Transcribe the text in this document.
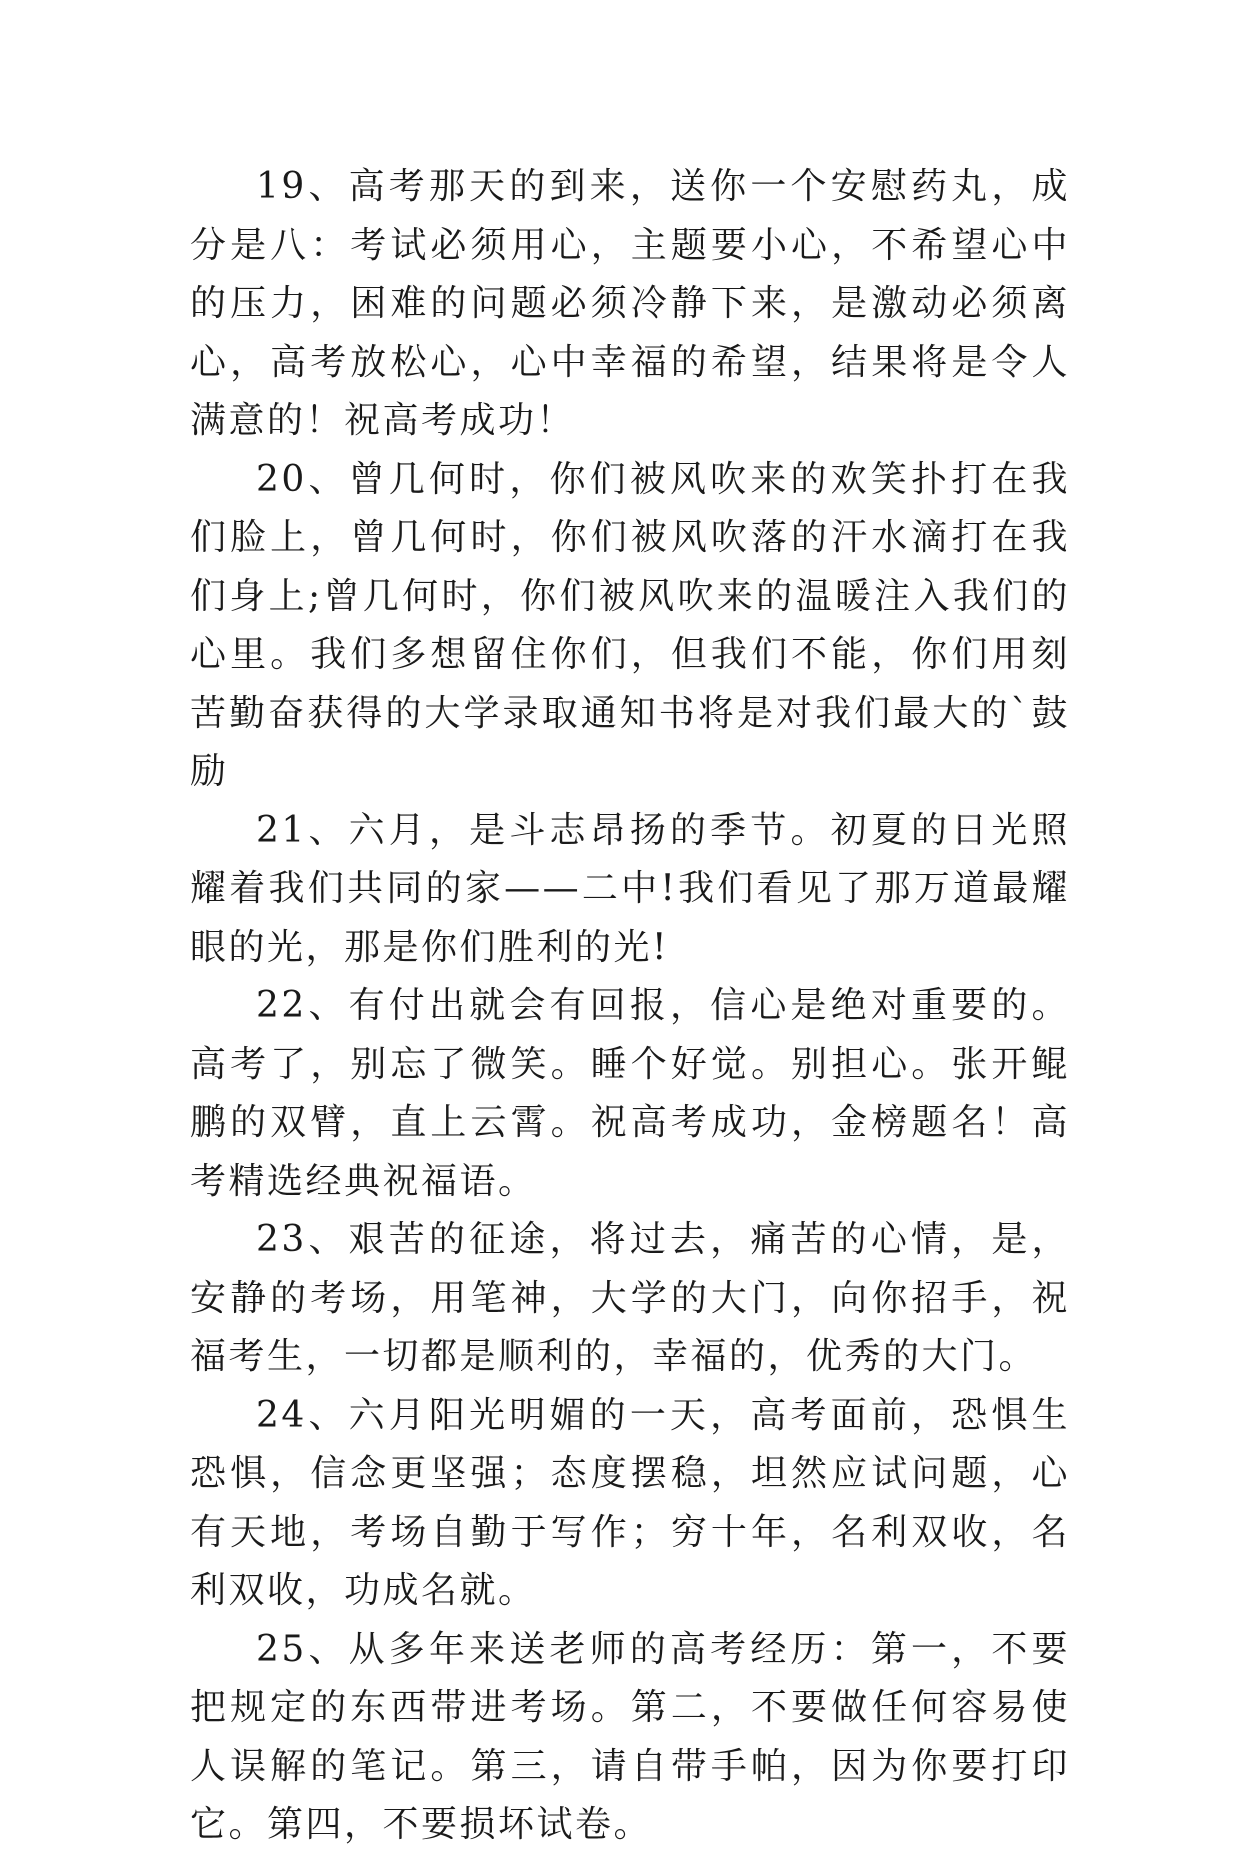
19、高考那天的到来，送你一个安慰药丸，成分是八：考试必须用心，主题要小心，不希望心中的压力，困难的问题必须冷静下来，是激动必须离心，高考放松心，心中幸福的希望，结果将是令人满意的！祝高考成功！

20、曾几何时，你们被风吹来的欢笑扑打在我们脸上，曾几何时，你们被风吹落的汗水滴打在我们身上;曾几何时，你们被风吹来的温暖注入我们的心里。我们多想留住你们，但我们不能，你们用刻苦勤奋获得的大学录取通知书将是对我们最大的`鼓励

21、六月，是斗志昂扬的季节。初夏的日光照耀着我们共同的家——二中!我们看见了那万道最耀眼的光，那是你们胜利的光!

22、有付出就会有回报，信心是绝对重要的。高考了，别忘了微笑。睡个好觉。别担心。张开鲲鹏的双臂，直上云霄。祝高考成功，金榜题名！高考精选经典祝福语。

23、艰苦的征途，将过去，痛苦的心情，是，安静的考场，用笔神，大学的大门，向你招手，祝福考生，一切都是顺利的，幸福的，优秀的大门。

24、六月阳光明媚的一天，高考面前，恐惧生恐惧，信念更坚强；态度摆稳，坦然应试问题，心有天地，考场自勤于写作；穷十年，名利双收，名利双收，功成名就。

25、从多年来送老师的高考经历：第一，不要把规定的东西带进考场。第二，不要做任何容易使人误解的笔记。第三，请自带手帕，因为你要打印它。第四，不要损坏试卷。
